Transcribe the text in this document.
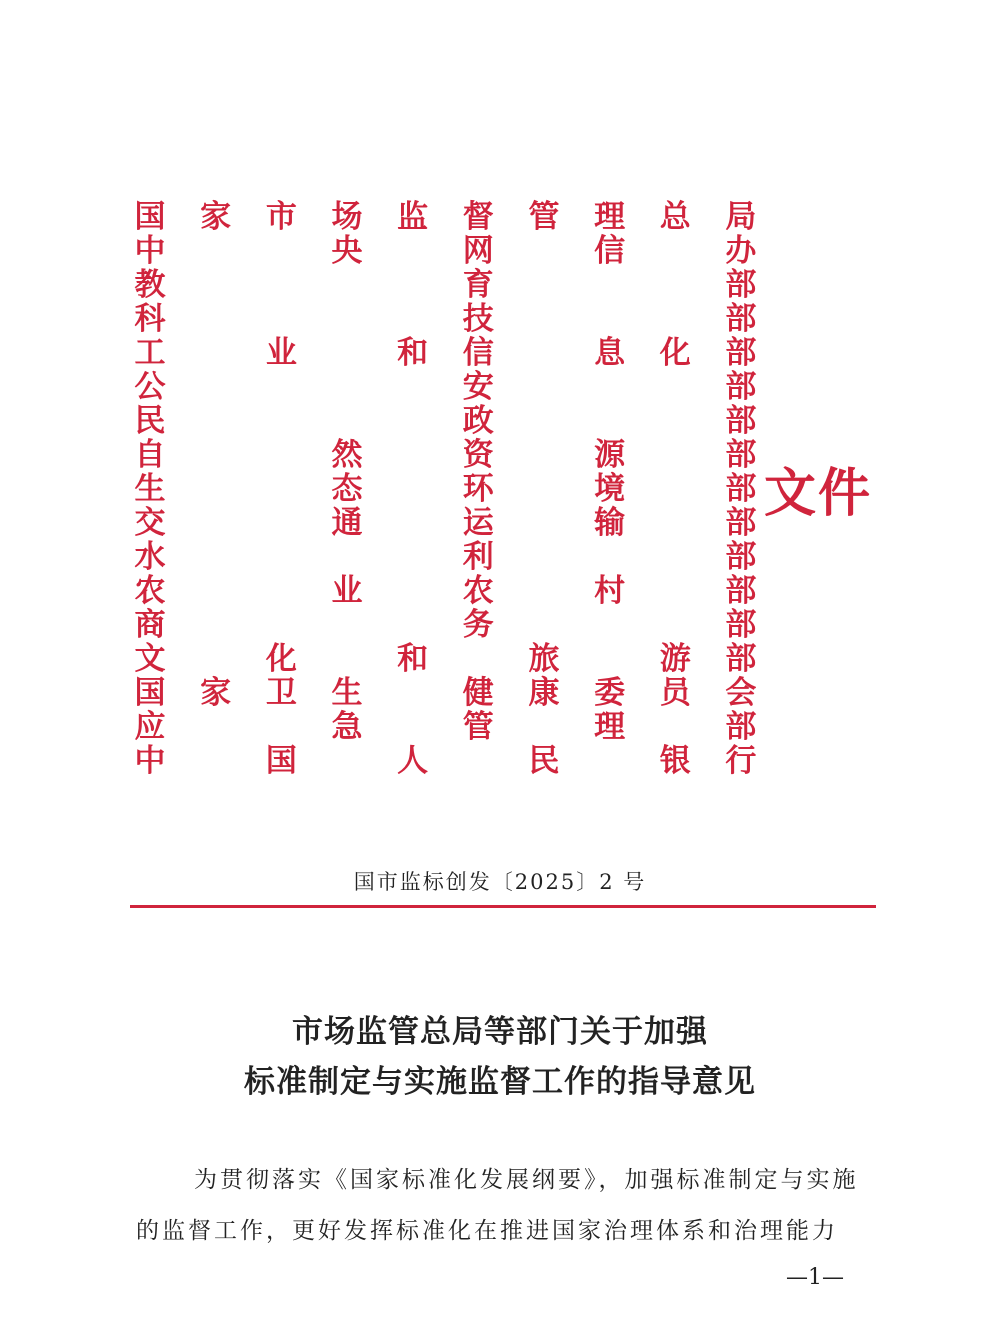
国 家 市 场 监 督 管 理 总 局
中	央	网	信	办
教	育	部
科	技	部
工	业	和 信	息 化 部
公	安	部
民	政	部
自	然	资	源	部
生	态	环	境	部
交	通	运	输	部
水	利	部
农	业	农	村	部
商	务	部
文	化	和	旅	游 部
国 家 卫 生	健 康 委 员 会
应	急	管	理	部
中	国	人	民	银 行
文件
国市监标创发〔2025〕2 号
市场监管总局等部门关于加强
标准制定与实施监督工作的指导意见
为贯彻落实《国家标准化发展纲要》，加强标准制定与实施
的监督工作，更好发挥标准化在推进国家治理体系和治理能力
—1—
